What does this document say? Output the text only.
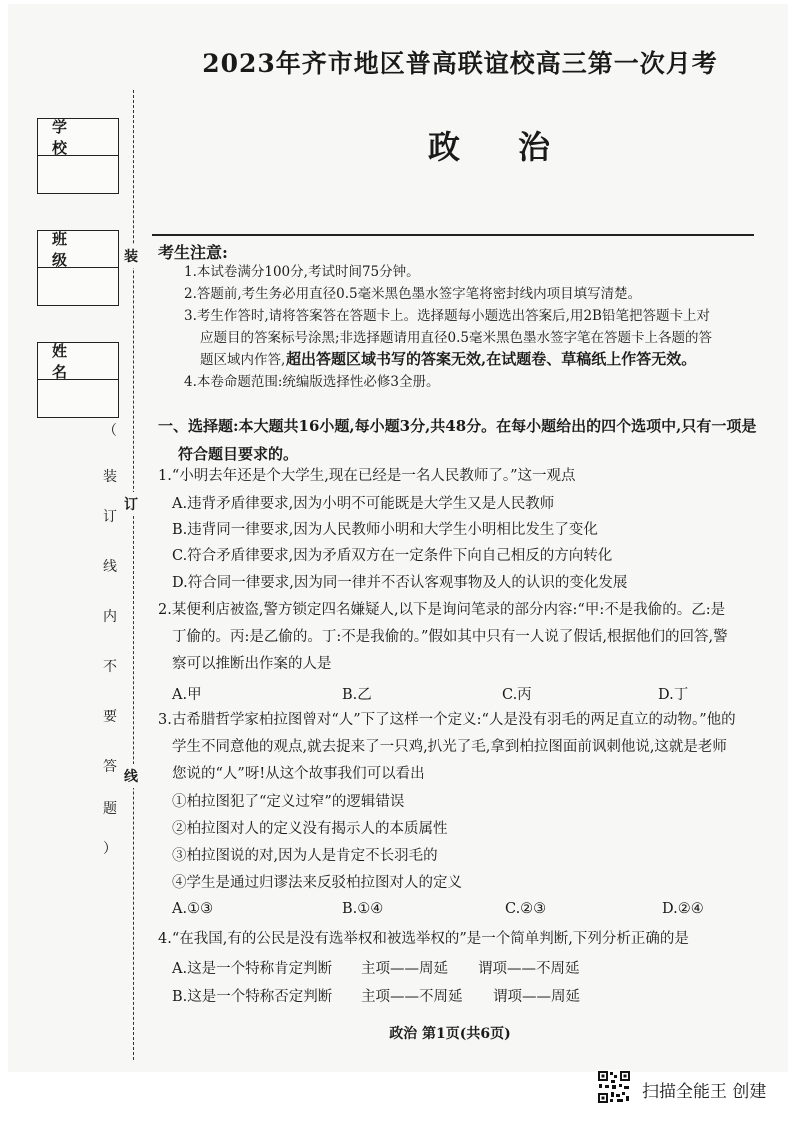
学 校
班 级
姓 名
装
订
线
（
装
订
线
内
不
要
答
题
）
2023年齐市地区普高联谊校高三第一次月考
政治
考生注意:
1.本试卷满分100分,考试时间75分钟。
2.答题前,考生务必用直径0.5毫米黑色墨水签字笔将密封线内项目填写清楚。
3.考生作答时,请将答案答在答题卡上。选择题每小题选出答案后,用2B铅笔把答题卡上对
应题目的答案标号涂黑;非选择题请用直径0.5毫米黑色墨水签字笔在答题卡上各题的答
题区域内作答, 超出答题区域书写的答案无效,在试题卷、草稿纸上作答无效。
4.本卷命题范围:统编版选择性必修3全册。
一、选择题:本大题共16小题,每小题3分,共48分。在每小题给出的四个选项中,只有一项是
符合题目要求的。
1.“小明去年还是个大学生,现在已经是一名人民教师了。”这一观点
A.违背矛盾律要求,因为小明不可能既是大学生又是人民教师
B.违背同一律要求,因为人民教师小明和大学生小明相比发生了变化
C.符合矛盾律要求,因为矛盾双方在一定条件下向自己相反的方向转化
D.符合同一律要求,因为同一律并不否认客观事物及人的认识的变化发展
2.某便利店被盗,警方锁定四名嫌疑人,以下是询问笔录的部分内容:“甲:不是我偷的。乙:是
丁偷的。丙:是乙偷的。丁:不是我偷的。”假如其中只有一人说了假话,根据他们的回答,警
察可以推断出作案的人是
A.甲	B.乙	C.丙	D.丁
3.古希腊哲学家柏拉图曾对“人”下了这样一个定义:“人是没有羽毛的两足直立的动物。”他的
学生不同意他的观点,就去捉来了一只鸡,扒光了毛,拿到柏拉图面前讽刺他说,这就是老师
您说的“人”呀!从这个故事我们可以看出
①柏拉图犯了“定义过窄”的逻辑错误
②柏拉图对人的定义没有揭示人的本质属性
③柏拉图说的对,因为人是肯定不长羽毛的
④学生是通过归谬法来反驳柏拉图对人的定义
A.①③	B.①④	C.②③	D.②④
4.“在我国,有的公民是没有选举权和被选举权的”是一个简单判断,下列分析正确的是
A.这是一个特称肯定判断 主项——周延 谓项——不周延
B.这是一个特称否定判断 主项——不周延 谓项——周延
政治 第1页(共6页)
扫描全能王 创建
